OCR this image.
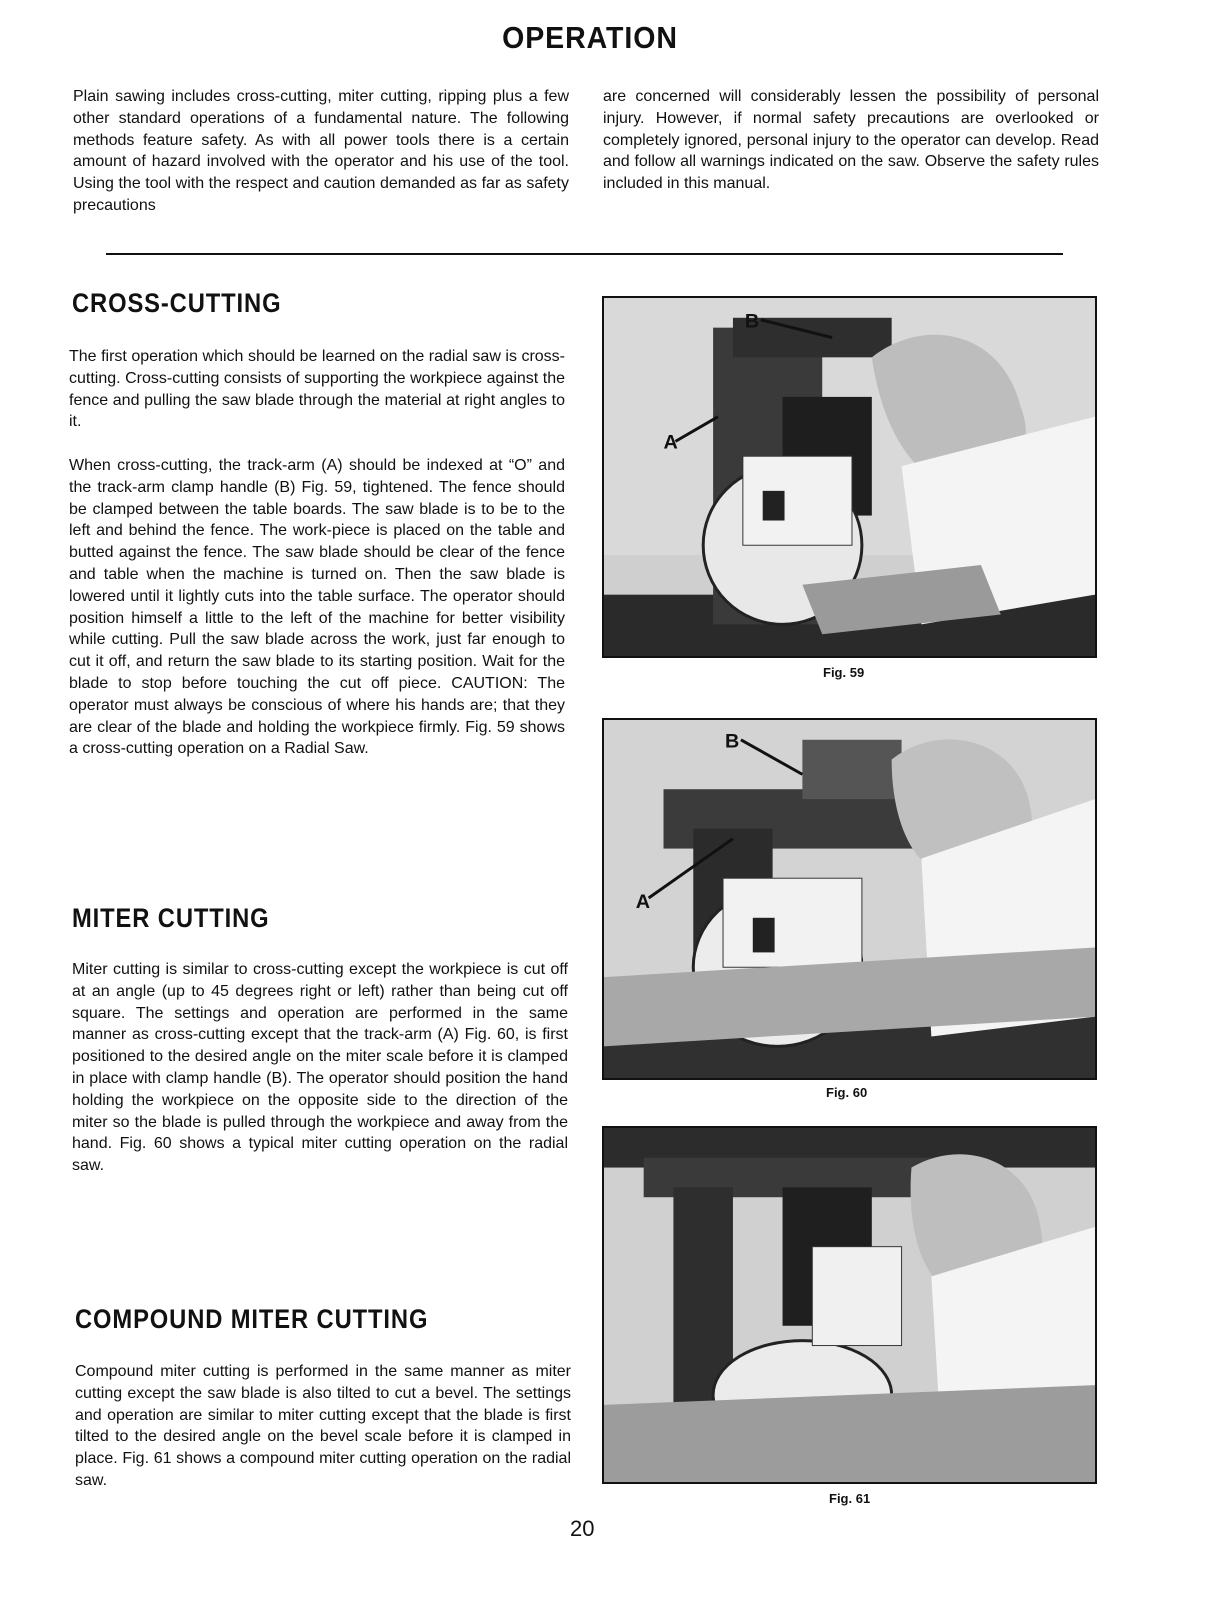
OPERATION
Plain sawing includes cross-cutting, miter cutting, ripping plus a few other standard operations of a fundamental nature. The following methods feature safety. As with all power tools there is a certain amount of hazard involved with the operator and his use of the tool. Using the tool with the respect and caution demanded as far as safety precautions
are concerned will considerably lessen the possibility of personal injury. However, if normal safety precautions are overlooked or completely ignored, personal injury to the operator can develop. Read and follow all warnings indicated on the saw. Observe the safety rules included in this manual.
CROSS-CUTTING

The first operation which should be learned on the radial saw is cross-cutting. Cross-cutting consists of supporting the workpiece against the fence and pulling the saw blade through the material at right angles to it.

When cross-cutting, the track-arm (A) should be indexed at “O” and the track-arm clamp handle (B) Fig. 59, tightened. The fence should be clamped between the table boards. The saw blade is to be to the left and behind the fence. The work-piece is placed on the table and butted against the fence. The saw blade should be clear of the fence and table when the machine is turned on. Then the saw blade is lowered until it lightly cuts into the table surface. The operator should position himself a little to the left of the machine for better visibility while cutting. Pull the saw blade across the work, just far enough to cut it off, and return the saw blade to its starting position. Wait for the blade to stop before touching the cut off piece. CAUTION: The operator must always be conscious of where his hands are; that they are clear of the blade and holding the workpiece firmly. Fig. 59 shows a cross-cutting operation on a Radial Saw.

MITER CUTTING

Miter cutting is similar to cross-cutting except the workpiece is cut off at an angle (up to 45 degrees right or left) rather than being cut off square. The settings and operation are performed in the same manner as cross-cutting except that the track-arm (A) Fig. 60, is first positioned to the desired angle on the miter scale before it is clamped in place with clamp handle (B). The operator should position the hand holding the workpiece on the opposite side to the direction of the miter so the blade is pulled through the workpiece and away from the hand. Fig. 60 shows a typical miter cutting operation on the radial saw.

COMPOUND MITER CUTTING

Compound miter cutting is performed in the same manner as miter cutting except the saw blade is also tilted to cut a bevel. The settings and operation are similar to miter cutting except that the blade is first tilted to the desired angle on the bevel scale before it is clamped in place. Fig. 61 shows a compound miter cutting operation on the radial saw.

A
B
Fig. 59
A
B
Fig. 60
Fig. 61
20
